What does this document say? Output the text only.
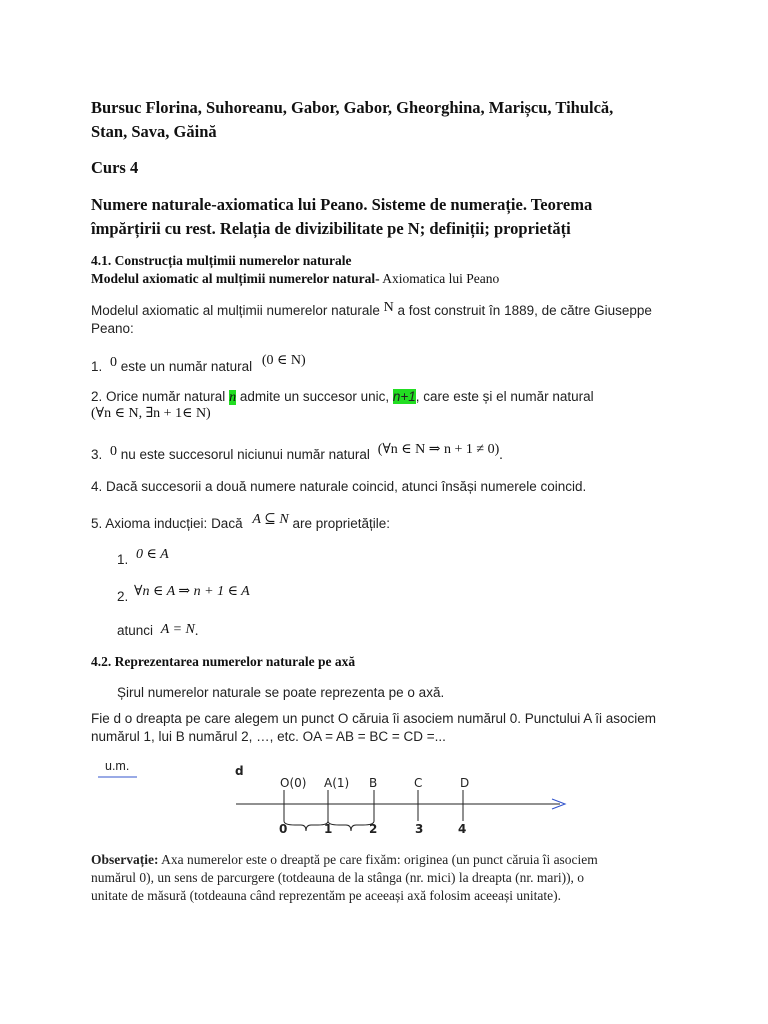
Bursuc Florina, Suhoreanu, Gabor, Gabor, Gheorghina, Marișcu, Tihulcă,
Stan, Sava, Găină
Curs 4
Numere naturale-axiomatica lui Peano. Sisteme de numerație. Teorema
împărțirii cu rest. Relația de divizibilitate pe N; definiții; proprietăți
4.1. Construcția mulțimii numerelor naturale
Modelul axiomatic al mulțimii numerelor natural- Axiomatica lui Peano
Modelul axiomatic al mulțimii numerelor naturale N a fost construit în 1889, de către Giuseppe
Peano:
1. 0 este un număr natural (0 ∈ N)
2. Orice număr natural n admite un succesor unic, n+1, care este și el număr natural
(∀n ∈ N, ∃n + 1∈ N)
3. 0 nu este succesorul niciunui număr natural (∀n ∈ N ⇒ n + 1 ≠ 0).
4. Dacă succesorii a două numere naturale coincid, atunci însăși numerele coincid.
5. Axioma inducției: Dacă A ⊆ N are proprietățile:
1. 0 ∈ A
2. ∀n ∈ A ⇒ n + 1 ∈ A
atunci A = N.
4.2. Reprezentarea numerelor naturale pe axă
Șirul numerelor naturale se poate reprezenta pe o axă.
Fie d o dreapta pe care alegem un punct O căruia îi asociem numărul 0. Punctului A îi asociem
numărul 1, lui B numărul 2, …, etc. OA = AB = BC = CD =...
u.m.	d
O(0)
0
A(1)
1
B
2
C
3
D
4
Observație: Axa numerelor este o dreaptă pe care fixăm: originea (un punct căruia îi asociem
numărul 0), un sens de parcurgere (totdeauna de la stânga (nr. mici) la dreapta (nr. mari)), o
unitate de măsură (totdeauna când reprezentăm pe aceeași axă folosim aceeași unitate).
